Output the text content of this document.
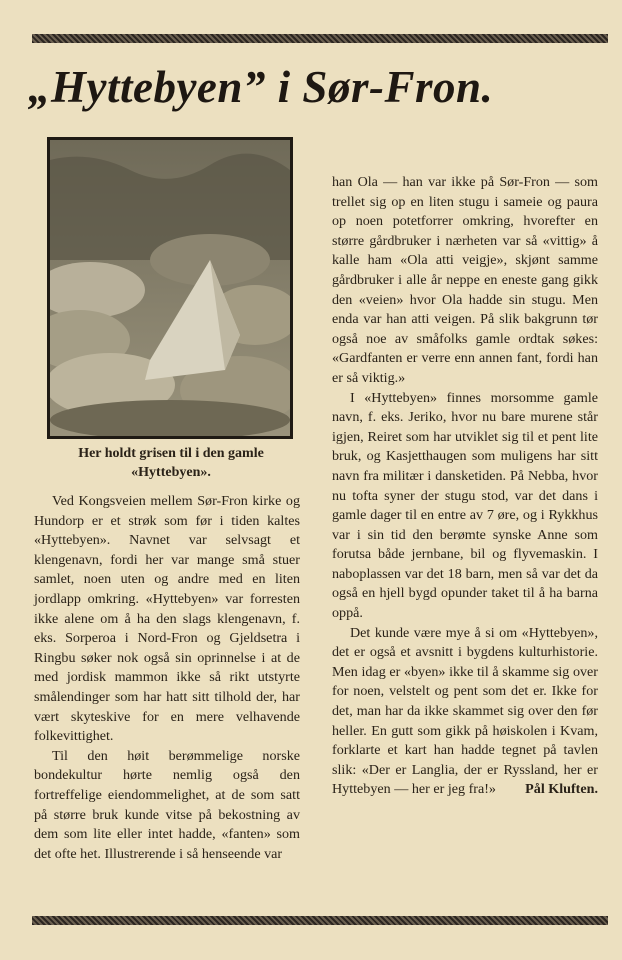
„Hyttebyen” i Sør-Fron.
Her holdt grisen til i den gamle
«Hyttebyen».

Ved Kongsveien mellem Sør-Fron kirke og Hundorp er et strøk som før i tiden kaltes «Hyttebyen». Navnet var selvsagt et klengenavn, fordi her var mange små stuer samlet, noen uten og andre med en liten jordlapp omkring. «Hyttebyen» var forresten ikke alene om å ha den slags klengenavn, f. eks. Sorperoa i Nord-Fron og Gjeldsetra i Ringbu søker nok også sin oprinnelse i at de med jordisk mammon ikke så rikt utstyrte smålendinger som har hatt sitt tilhold der, har vært skyteskive for en mere velhavende folkevittighet.

Til den høit berømmelige norske bondekultur hørte nemlig også den fortreffelige eiendommelighet, at de som satt på større bruk kunde vitse på bekostning av dem som lite eller intet hadde, «fanten» som det ofte het. Illustrerende i så henseende var

han Ola — han var ikke på Sør-Fron — som trellet sig op en liten stugu i sameie og paura op noen potetforrer omkring, hvorefter en større gårdbruker i nærheten var så «vittig» å kalle ham «Ola atti veigje», skjønt samme gårdbruker i alle år neppe en eneste gang gikk den «veien» hvor Ola hadde sin stugu. Men enda var han atti veigen. På slik bakgrunn tør også noe av småfolks gamle ordtak søkes: «Gardfanten er verre enn annen fant, fordi han er så viktig.»

I «Hyttebyen» finnes morsomme gamle navn, f. eks. Jeriko, hvor nu bare murene står igjen, Reiret som har utviklet sig til et pent lite bruk, og Kasjetthaugen som muligens har sitt navn fra militær i dansketiden. På Nebba, hvor nu tofta syner der stugu stod, var det dans i gamle dager til en entre av 7 øre, og i Rykkhus var i sin tid den berømte synske Anne som forutsa både jernbane, bil og flyvemaskin. I naboplassen var det 18 barn, men så var det da også en hjell bygd opunder taket til å ha barna oppå.

Det kunde være mye å si om «Hyttebyen», det er også et avsnitt i bygdens kulturhistorie. Men idag er «byen» ikke til å skamme sig over for noen, velstelt og pent som det er. Ikke for det, man har da ikke skammet sig over den før heller. En gutt som gikk på høiskolen i Kvam, forklarte et kart han hadde tegnet på tavlen slik: «Der er Langlia, der er Ryssland, her er Hyttebyen — her er jeg fra!» Pål Kluften.
